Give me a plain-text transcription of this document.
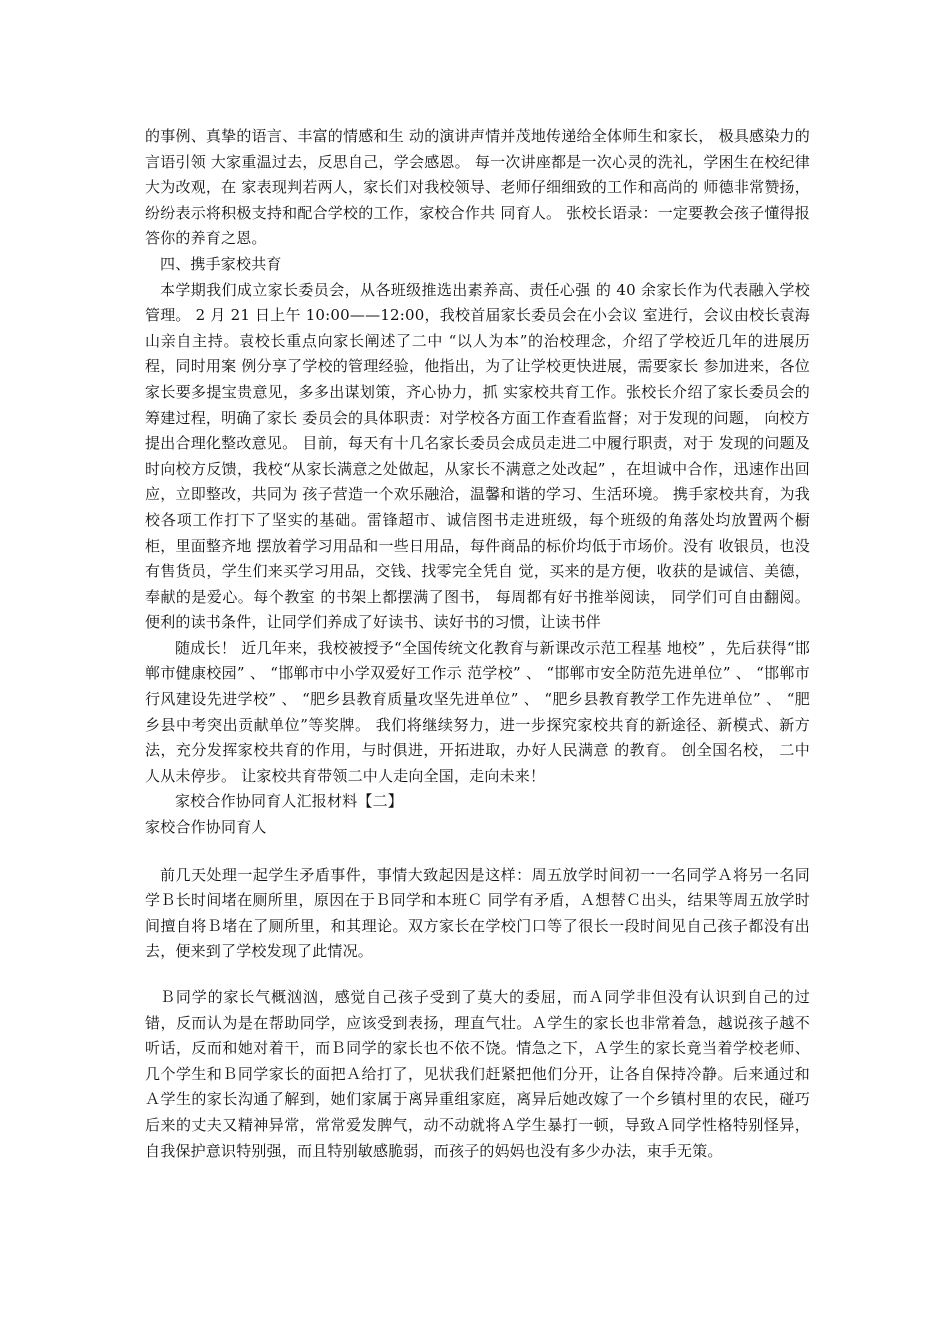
的事例、真挚的语言、丰富的情感和生 动的演讲声情并茂地传递给全体师生和家长， 极具感染力的言语引领 大家重温过去，反思自己，学会感恩。 每一次讲座都是一次心灵的洗礼，学困生在校纪律大为改观，在 家表现判若两人，家长们对我校领导、老师仔细细致的工作和高尚的 师德非常赞扬，纷纷表示将积极支持和配合学校的工作，家校合作共 同育人。 张校长语录：一定要教会孩子懂得报答你的养育之恩。

四、携手家校共育

本学期我们成立家长委员会，从各班级推选出素养高、责任心强 的 40 余家长作为代表融入学校管理。 2 月 21 日上午 10:00——12:00，我校首届家长委员会在小会议 室进行，会议由校长袁海山亲自主持。袁校长重点向家长阐述了二中 “以人为本”的治校理念，介绍了学校近几年的进展历程，同时用案 例分享了学校的管理经验，他指出，为了让学校更快进展，需要家长 参加进来，各位家长要多提宝贵意见，多多出谋划策，齐心协力，抓 实家校共育工作。张校长介绍了家长委员会的筹建过程，明确了家长 委员会的具体职责：对学校各方面工作查看监督；对于发现的问题， 向校方提出合理化整改意见。 目前，每天有十几名家长委员会成员走进二中履行职责，对于 发现的问题及时向校方反馈，我校“从家长满意之处做起，从家长不满意之处改起” ，在坦诚中合作，迅速作出回应，立即整改，共同为 孩子营造一个欢乐融洽，温馨和谐的学习、生活环境。 携手家校共育，为我校各项工作打下了坚实的基础。雷锋超市、诚信图书走进班级，每个班级的角落处均放置两个橱柜，里面整齐地 摆放着学习用品和一些日用品，每件商品的标价均低于市场价。没有 收银员，也没有售货员，学生们来买学习用品，交钱、找零完全凭自 觉，买来的是方便，收获的是诚信、美德，奉献的是爱心。每个教室 的书架上都摆满了图书， 每周都有好书推举阅读， 同学们可自由翻阅。 便利的读书条件，让同学们养成了好读书、读好书的习惯，让读书伴

随成长！ 近几年来，我校被授予“全国传统文化教育与新课改示范工程基 地校” ，先后获得“邯郸市健康校园” 、 “邯郸市中小学双爱好工作示 范学校” 、 “邯郸市安全防范先进单位” 、 “邯郸市行风建设先进学校” 、 “肥乡县教育质量攻坚先进单位” 、 “肥乡县教育教学工作先进单位” 、 “肥乡县中考突出贡献单位”等奖牌。 我们将继续努力，进一步探究家校共育的新途径、新模式、新方 法，充分发挥家校共育的作用，与时俱进，开拓进取，办好人民满意 的教育。 创全国名校， 二中人从未停步。 让家校共育带领二中人走向全国，走向未来！

家校合作协同育人汇报材料【二】

家校合作协同育人

前几天处理一起学生矛盾事件，事情大致起因是这样：周五放学时间初一一名同学Ａ将另一名同学Ｂ长时间堵在厕所里，原因在于Ｂ同学和本班Ｃ 同学有矛盾，Ａ想替Ｃ出头，结果等周五放学时间擅自将Ｂ堵在了厕所里，和其理论。双方家长在学校门口等了很长一段时间见自己孩子都没有出去，便来到了学校发现了此情况。

Ｂ同学的家长气概汹汹，感觉自己孩子受到了莫大的委屈，而Ａ同学非但没有认识到自己的过错，反而认为是在帮助同学，应该受到表扬，理直气壮。Ａ学生的家长也非常着急，越说孩子越不听话，反而和她对着干，而Ｂ同学的家长也不依不饶。情急之下，Ａ学生的家长竟当着学校老师、几个学生和Ｂ同学家长的面把Ａ给打了，见状我们赶紧把他们分开，让各自保持冷静。后来通过和Ａ学生的家长沟通了解到，她们家属于离异重组家庭，离异后她改嫁了一个乡镇村里的农民，碰巧后来的丈夫又精神异常，常常爱发脾气，动不动就将Ａ学生暴打一顿，导致Ａ同学性格特别怪异，自我保护意识特别强，而且特别敏感脆弱，而孩子的妈妈也没有多少办法，束手无策。
